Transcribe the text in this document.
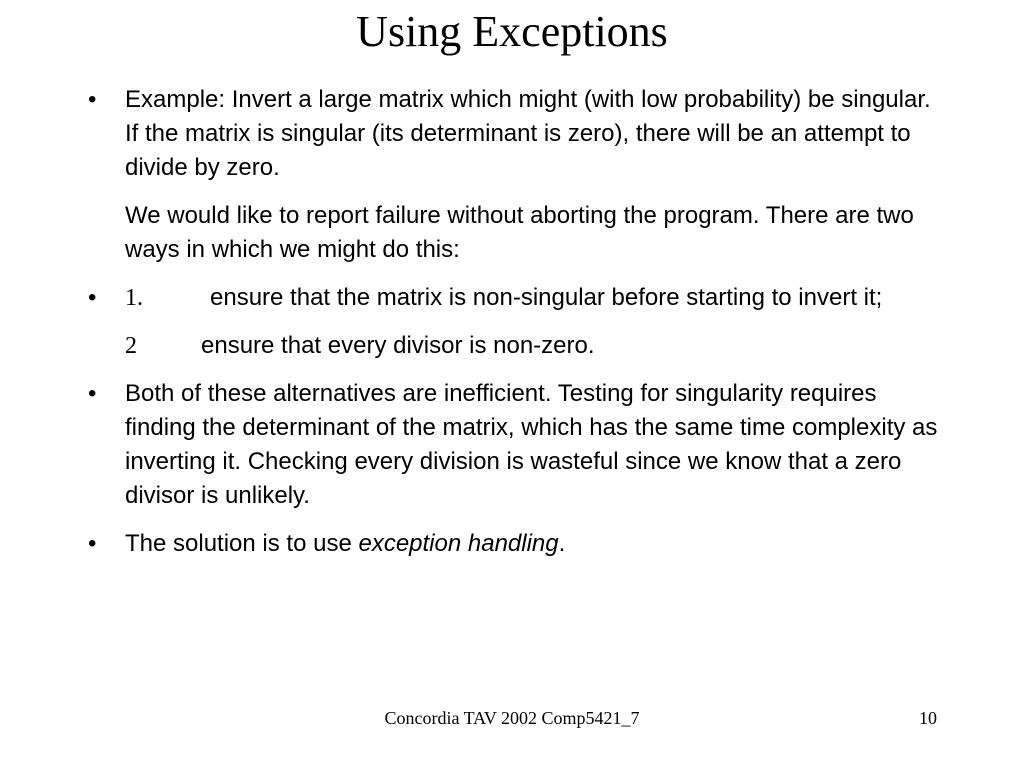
Using Exceptions
•	Example: Invert a large matrix which might (with low probability) be singular. If the matrix is singular (its determinant is zero), there will be an attempt to divide by zero.
We would like to report failure without aborting the program. There are two ways in which we might do this:
•	1.	ensure that the matrix is non-singular before starting to invert it;
2	ensure that every divisor is non-zero.
•	Both of these alternatives are inefficient. Testing for singularity requires finding the determinant of the matrix, which has the same time complexity as inverting it. Checking every division is wasteful since we know that a zero divisor is unlikely.
•	The solution is to use exception handling.
Concordia TAV 2002 Comp5421_7	10
